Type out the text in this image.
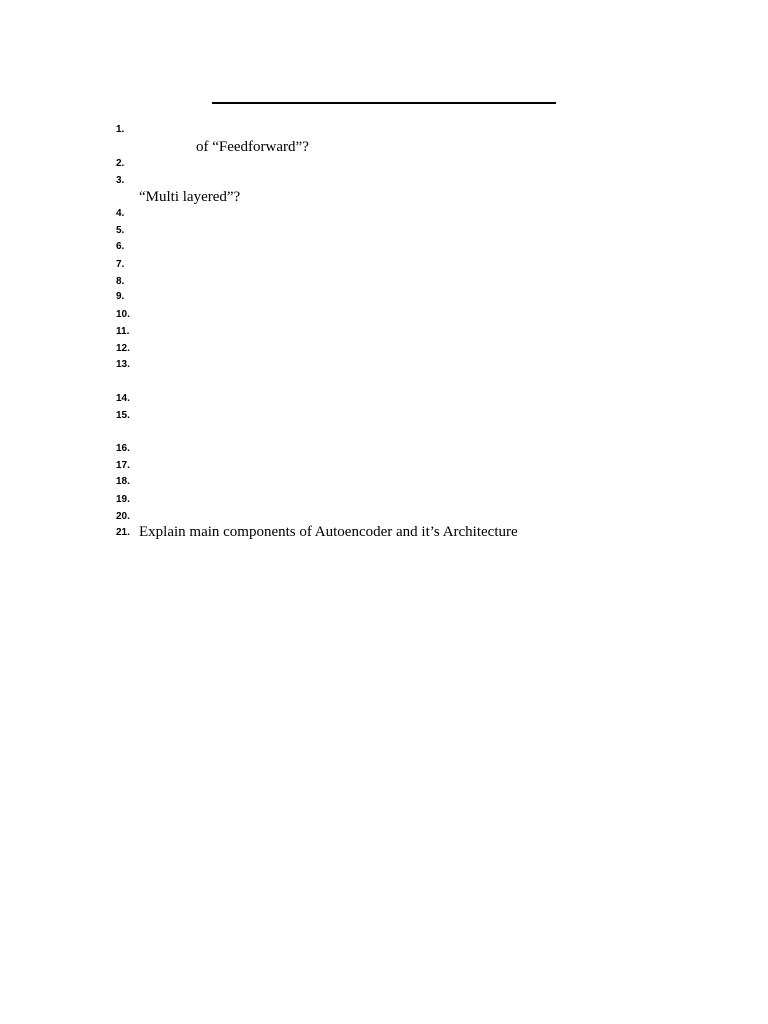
1.
of “Feedforward”?
2.
3.
“Multi layered”?
4.
5.
6.
7.
8.
9.
10.
11.
12.
13.
14.
15.
16.
17.
18.
19.
20.
21. Explain main components of Autoencoder and it’s Architecture
